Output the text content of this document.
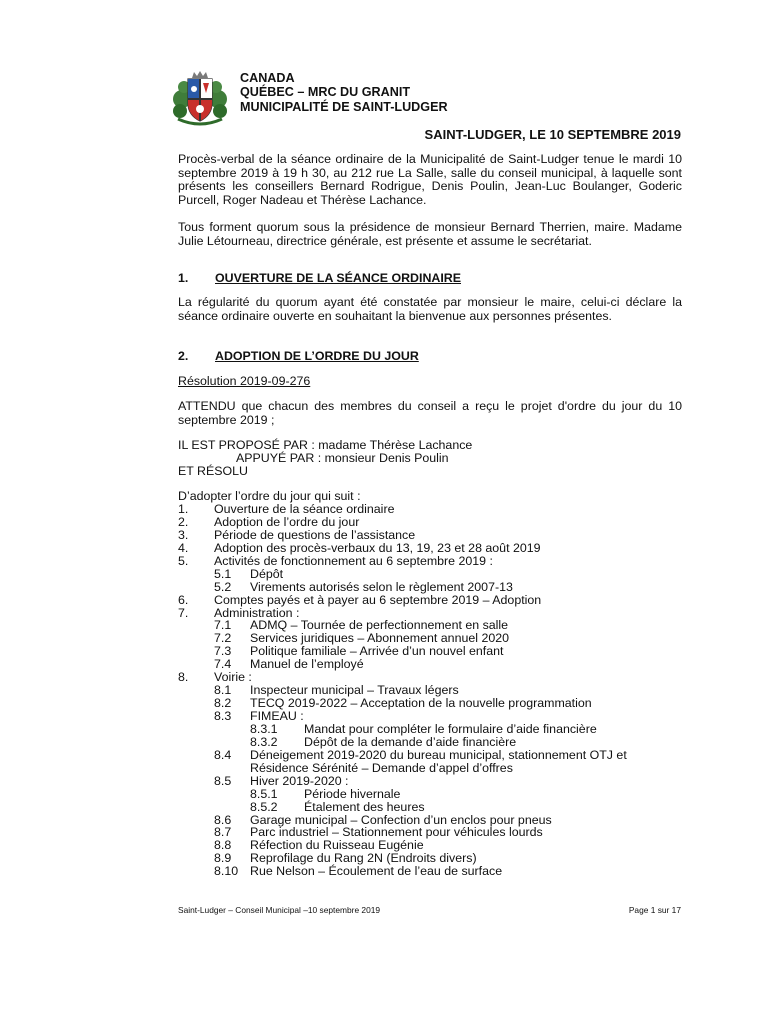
CANADA
QUÉBEC – MRC DU GRANIT
MUNICIPALITÉ DE SAINT-LUDGER
SAINT-LUDGER, LE 10 SEPTEMBRE 2019
Procès-verbal de la séance ordinaire de la Municipalité de Saint-Ludger tenue le mardi 10 septembre 2019 à 19 h 30, au 212 rue La Salle, salle du conseil municipal, à laquelle sont présents les conseillers Bernard Rodrigue, Denis Poulin, Jean-Luc Boulanger, Goderic Purcell, Roger Nadeau et Thérèse Lachance.
Tous forment quorum sous la présidence de monsieur Bernard Therrien, maire. Madame Julie Létourneau, directrice générale, est présente et assume le secrétariat.
1. OUVERTURE DE LA SÉANCE ORDINAIRE
La régularité du quorum ayant été constatée par monsieur le maire, celui-ci déclare la séance ordinaire ouverte en souhaitant la bienvenue aux personnes présentes.
2. ADOPTION DE L’ORDRE DU JOUR
Résolution 2019-09-276
ATTENDU que chacun des membres du conseil a reçu le projet d'ordre du jour du 10 septembre 2019 ;
IL EST PROPOSÉ PAR : madame Thérèse Lachance
APPUYÉ PAR : monsieur Denis Poulin
ET RÉSOLU
D’adopter l’ordre du jour qui suit :
1. Ouverture de la séance ordinaire
2. Adoption de l’ordre du jour
3. Période de questions de l’assistance
4. Adoption des procès-verbaux du 13, 19, 23 et 28 août 2019
5. Activités de fonctionnement au 6 septembre 2019 :
5.1 Dépôt
5.2 Virements autorisés selon le règlement 2007-13
6. Comptes payés et à payer au 6 septembre 2019 – Adoption
7. Administration :
7.1 ADMQ – Tournée de perfectionnement en salle
7.2 Services juridiques – Abonnement annuel 2020
7.3 Politique familiale – Arrivée d’un nouvel enfant
7.4 Manuel de l’employé
8. Voirie :
8.1 Inspecteur municipal – Travaux légers
8.2 TECQ 2019-2022 – Acceptation de la nouvelle programmation
8.3 FIMEAU :
8.3.1 Mandat pour compléter le formulaire d’aide financière
8.3.2 Dépôt de la demande d’aide financière
8.4 Déneigement 2019-2020 du bureau municipal, stationnement OTJ et
Résidence Sérénité – Demande d’appel d’offres
8.5 Hiver 2019-2020 :
8.5.1 Période hivernale
8.5.2 Étalement des heures
8.6 Garage municipal – Confection d’un enclos pour pneus
8.7 Parc industriel – Stationnement pour véhicules lourds
8.8 Réfection du Ruisseau Eugénie
8.9 Reprofilage du Rang 2N (Endroits divers)
8.10 Rue Nelson – Écoulement de l’eau de surface
Saint-Ludger – Conseil Municipal –10 septembre 2019	Page 1 sur 17
